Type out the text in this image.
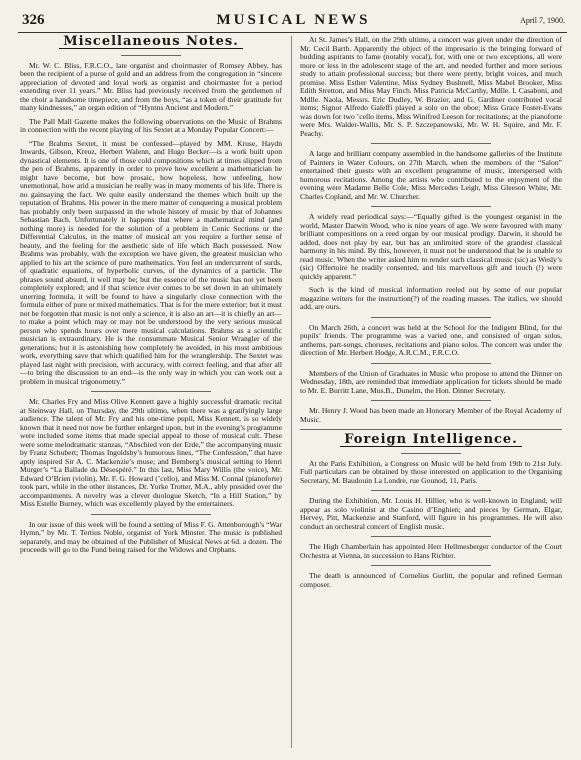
326	MUSICAL NEWS	April 7, 1900.
Miscellaneous Notes.

Mr. W. C. Bliss, F.R.C.O., late organist and choirmaster of Romsey Abbey, has been the recipient of a purse of gold and an address from the congregation in “sincere appreciation of devoted and loyal work as organist and choirmaster for a period extending over 11 years.” Mr. Bliss had previously received from the gentlemen of the choir a handsome timepiece, and from the boys, “as a token of their gratitude for many kindnesses,” an organ edition of “Hymns Ancient and Modern.”

The Pall Mall Gazette makes the following observations on the Music of Brahms in connection with the recent playing of his Sextet at a Monday Popular Concert:—

“The Brahms Sextet, it must be confessed—played by MM. Kruse, Haydn Inwards, Gibson, Kreuz, Herbert Walenn, and Hugo Becker—is a work built upon dynastical elements. It is one of those cold compositions which at times slipped from the pen of Brahms, apparently in order to prove how excellent a mathematician he might have become, but how prosaic, how hopeless, how unfeeling, how unemotional, how arid a musician he really was in many moments of his life. There is no gainsaying the fact. We quite easily understand the themes which built up the reputation of Brahms. His power in the mere matter of conquering a musical problem has probably only been surpassed in the whole history of music by that of Johannes Sebastian Bach. Unfortunately it happens that where a mathematical mind (and nothing more) is needed for the solution of a problem in Conic Sections or the Differential Calculus, in the matter of musical art you require a further sense of beauty, and the feeling for the aesthetic side of life which Bach possessed. Now Brahms was probably, with the exception we have given, the greatest musician who applied to his art the science of pure mathematics. You feel an undercurrent of surds, of quadratic equations, of hyperbolic curves, of the dynamics of a particle. The phrases sound absurd, it well may be; but the essence of the music has not yet been completely explored; and if that science ever comes to be set down in an ultimately unerring formula, it will be found to have a singularly close connection with the formula either of pure or mixed mathematics. That is for the mere exterior; but it must not be forgotten that music is not only a science, it is also an art—it is chiefly an art—to make a point which may or may not be understood by the very serious musical person who spends hours over mere musical calculations. Brahms as a scientific musician is extraordinary. He is the consummate Musical Senior Wrangler of the generations; but it is astonishing how completely he avoided, in his most ambitious work, everything save that which qualified him for the wranglership. The Sextet was played last night with precision, with accuracy, with correct feeling, and that after all—to bring the discussion to an end—is the only way in which you can work out a problem in musical trigonometry.”

Mr. Charles Fry and Miss Olive Kennett gave a highly successful dramatic recital at Steinway Hall, on Thursday, the 29th ultimo, when there was a gratifyingly large audience. The talent of Mr. Fry and his one-time pupil, Miss Kennett, is so widely known that it need not now be further enlarged upon, but in the evening’s programme were included some items that made special appeal to those of musical cult. These were some melodramatic stanzas, “Abschied von der Erde,” the accompanying music by Franz Schubert; Thomas Ingoldsby’s humorous lines, “The Confession,” that have aptly inspired Sir A. C. Mackenzie’s muse; and Bemberg’s musical setting to Henri Murger’s “La Ballade du Désespéré.” In this last, Miss Mary Willis (the voice), Mr. Edward O’Brien (violin), Mr. F. G. Howard (’cello), and Miss M. Connal (pianoforte) took part, while in the other instances, Dr. Yorke Trotter, M.A., ably presided over the accompaniments. A novelty was a clever duologue Sketch, “In a Hill Station,” by Miss Estelle Burney, which was excellently played by the entertainers.

In our issue of this week will be found a setting of Miss F. G. Attenborough’s “War Hymn,” by Mr. T. Tertius Noble, organist of York Minster. The music is published separately, and may be obtained of the Publisher of Musical News at 6d. a dozen. The proceeds will go to the Fund being raised for the Widows and Orphans.

At St. James’s Hall, on the 29th ultimo, a concert was given under the direction of Mr. Cecil Barth. Apparently the object of the impresario is the bringing forward of budding aspirants to fame (notably vocal), for, with one or two exceptions, all were more or less in the adolescent stage of the art, and needed further and more serious study to attain professional success; but there were pretty, bright voices, and much promise. Miss Esther Valentine, Miss Sydney Bushnell, Miss Mabel Brooker, Miss Edith Stretton, and Miss May Finch. Miss Patricia McCarthy, Mdlle. I. Casaboni, and Mdlle. Naola, Messrs. Eric Dudley, W. Brazier, and G. Gardiner contributed vocal items; Signor Alfredo Galeffi played a solo on the oboe; Miss Grace Foster-Evans was down for two ’cello items, Miss Winifred Leeson for recitations; at the pianoforte were Mrs. Walder-Wallis, Mr. S. P. Szczepanowski, Mr. W. H. Squire, and Mr. F. Peachy.

A large and brilliant company assembled in the handsome galleries of the Institute of Painters in Water Colours, on 27th March, when the members of the “Salon” entertained their guests with an excellent programme of music, interspersed with humorous recitations. Among the artists who contributed to the enjoyment of the evening were Madame Belle Cole, Miss Mercedes Leigh, Miss Gleeson White, Mr. Charles Copland, and Mr. W. Churcher.

A widely read periodical says:—“Equally gifted is the youngest organist in the world, Master Darwin Wood, who is nine years of age. We were favoured with many brilliant compositions on a reed organ by our musical prodigy. Darwin, it should be added, does not play by ear, but has an unlimited store of the grandest classical harmony in his mind. By this, however, it must not be understood that he is unable to read music. When the writer asked him to render such classical music (sic) as Wesly’s (sic) Offertoire he readily consented, and his marvellous gift and touch (!) were quickly apparent.”

Such is the kind of musical information reeled out by some of our popular magazine writers for the instruction(?) of the reading masses. The italics, we should add, are ours.

On March 26th, a concert was held at the School for the Indigent Blind, for the pupils’ friends. The programme was a varied one, and consisted of organ solos, anthems, part-songs, choruses, recitations and piano solos. The concert was under the direction of Mr. Herbert Hodge, A.R.C.M., F.R.C.O.

Members of the Union of Graduates in Music who propose to attend the Dinner on Wednesday, 18th, are reminded that immediate application for tickets should be made to Mr. E. Burritt Lane, Mus.B., Dunelm, the Hon. Dinner Secretary.

Mr. Henry J. Wood has been made an Honorary Member of the Royal Academy of Music.

Foreign Intelligence.

At the Paris Exhibition, a Congress on Music will be held from 19th to 21st July. Full particulars can be obtained by those interested on application to the Organising Secretary, M. Baudouin La Londre, rue Gounod, 11, Paris.

During the Exhibition, Mr. Louis H. Hillier, who is well-known in England, will appear as solo violinist at the Casino d’Enghien; and pieces by German, Elgar, Hervey, Pitt, Mackenzie and Stanford, will figure in his programmes. He will also conduct an orchestral concert of English music.

The High Chamberlain has appointed Herr Hellmesberger conductor of the Court Orchestra at Vienna, in succession to Hans Richter.

The death is announced of Cornelius Gurlitt, the popular and refined German composer.
